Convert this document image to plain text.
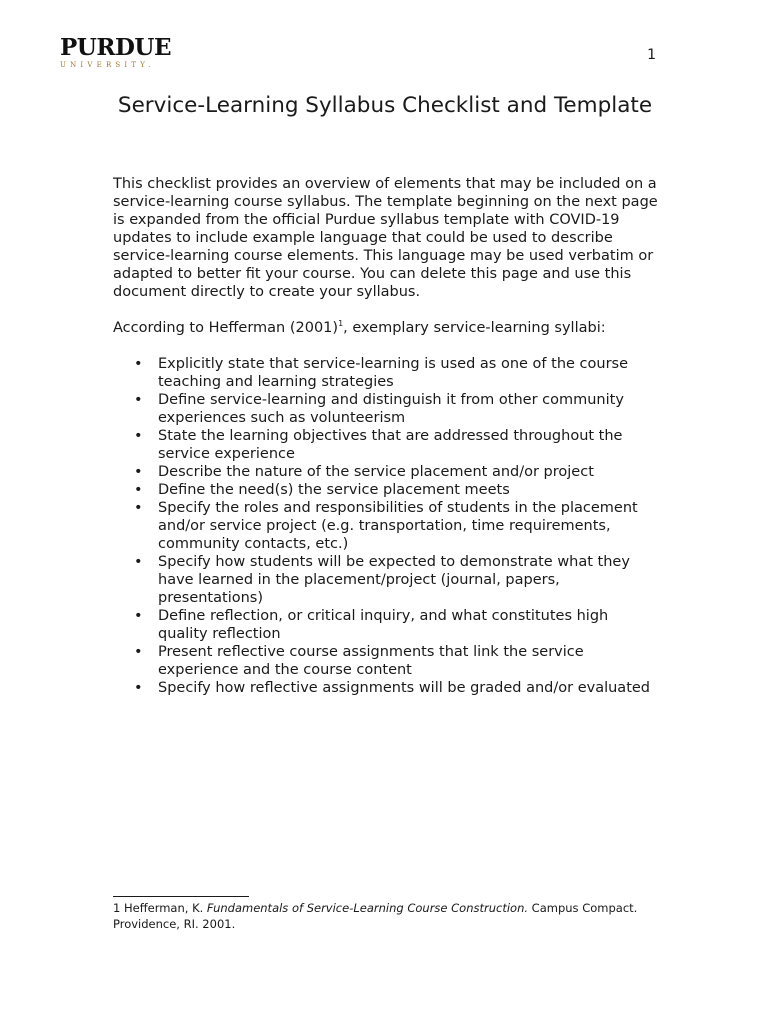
PURDUE
UNIVERSITY.
1
Service-Learning Syllabus Checklist and Template

This checklist provides an overview of elements that may be included on a service-learning course syllabus. The template beginning on the next page is expanded from the official Purdue syllabus template with COVID-19 updates to include example language that could be used to describe service-learning course elements. This language may be used verbatim or adapted to better fit your course. You can delete this page and use this document directly to create your syllabus.

According to Hefferman $(2001)^1$, exemplary service-learning syllabi:

• Explicitly state that service-learning is used as one of the course teaching and learning strategies
• Define service-learning and distinguish it from other community experiences such as volunteerism
• State the learning objectives that are addressed throughout the service experience
• Describe the nature of the service placement and/or project
• Define the need(s) the service placement meets
• Specify the roles and responsibilities of students in the placement and/or service project (e.g. transportation, time requirements, community contacts, etc.)
• Specify how students will be expected to demonstrate what they have learned in the placement/project (journal, papers, presentations)
• Define reflection, or critical inquiry, and what constitutes high quality reflection
• Present reflective course assignments that link the service experience and the course content
• Specify how reflective assignments will be graded and/or evaluated

1 Hefferman, K. Fundamentals of Service-Learning Course Construction. Campus Compact. Providence, RI. 2001.
